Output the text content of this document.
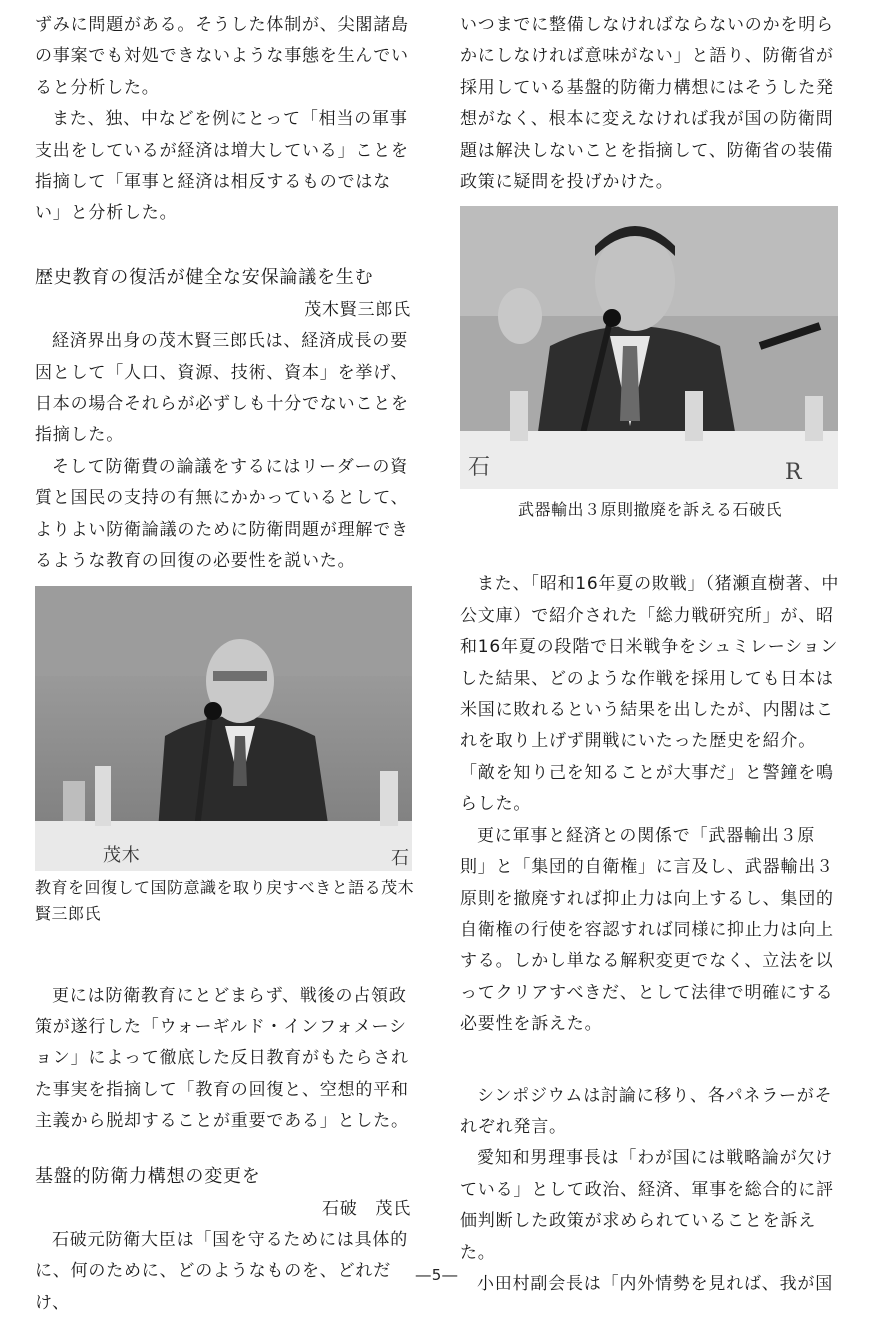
ずみに問題がある。そうした体制が、尖閣諸島の事案でも対処できないような事態を生んでいると分析した。

また、独、中などを例にとって「相当の軍事支出をしているが経済は増大している」ことを指摘して「軍事と経済は相反するものではない」と分析した。

歴史教育の復活が健全な安保論議を生む

茂木賢三郎氏

経済界出身の茂木賢三郎氏は、経済成長の要因として「人口、資源、技術、資本」を挙げ、日本の場合それらが必ずしも十分でないことを指摘した。

そして防衛費の論議をするにはリーダーの資質と国民の支持の有無にかかっているとして、よりよい防衛論議のために防衛問題が理解できるような教育の回復の必要性を説いた。

茂木	石

教育を回復して国防意識を取り戻すべきと語る茂木賢三郎氏

更には防衛教育にとどまらず、戦後の占領政策が遂行した「ウォーギルド・インフォメーション」によって徹底した反日教育がもたらされた事実を指摘して「教育の回復と、空想的平和主義から脱却することが重要である」とした。

基盤的防衛力構想の変更を

石破　茂氏

石破元防衛大臣は「国を守るためには具体的に、何のために、どのようなものを、どれだけ、

いつまでに整備しなければならないのかを明らかにしなければ意味がない」と語り、防衛省が採用している基盤的防衛力構想にはそうした発想がなく、根本に変えなければ我が国の防衛問題は解決しないことを指摘して、防衛省の装備政策に疑問を投げかけた。

石	R

武器輸出３原則撤廃を訴える石破氏

また、「昭和16年夏の敗戦」（猪瀬直樹著、中公文庫）で紹介された「総力戦研究所」が、昭和16年夏の段階で日米戦争をシュミレーションした結果、どのような作戦を採用しても日本は米国に敗れるという結果を出したが、内閣はこれを取り上げず開戦にいたった歴史を紹介。「敵を知り己を知ることが大事だ」と警鐘を鳴らした。

更に軍事と経済との関係で「武器輸出３原則」と「集団的自衛権」に言及し、武器輸出３原則を撤廃すれば抑止力は向上するし、集団的自衛権の行使を容認すれば同様に抑止力は向上する。しかし単なる解釈変更でなく、立法を以ってクリアすべきだ、として法律で明確にする必要性を訴えた。

シンポジウムは討論に移り、各パネラーがそれぞれ発言。

愛知和男理事長は「わが国には戦略論が欠けている」として政治、経済、軍事を総合的に評価判断した政策が求められていることを訴えた。

小田村副会長は「内外情勢を見れば、我が国

―5―
